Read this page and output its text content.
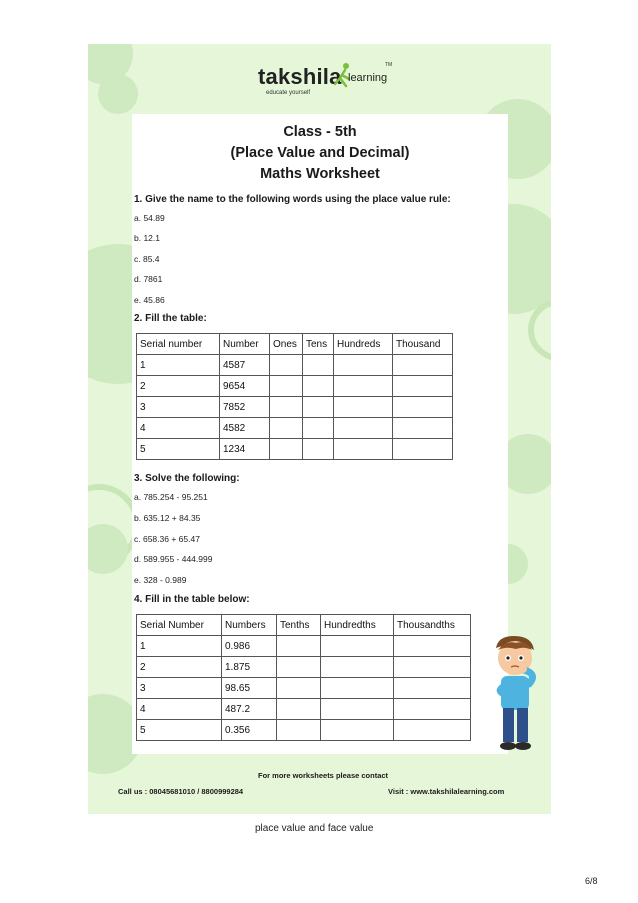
takshila learning
educate yourself
TM
Class - 5th
(Place Value and Decimal)
Maths Worksheet
1. Give the name to the following words using the place value rule:
a. 54.89
b. 12.1
c. 85.4
d. 7861
e. 45.86
2. Fill the table:
Serial number	Number	Ones	Tens	Hundreds	Thousand
1	4587				
2	9654				
3	7852				
4	4582				
5	1234				
3. Solve the following:
a. 785.254 - 95.251
b. 635.12 + 84.35
c. 658.36 + 65.47
d. 589.955 - 444.999
e. 328 - 0.989
4. Fill in the table below:
Serial Number	Numbers	Tenths	Hundredths	Thousandths
1	0.986			
2	1.875			
3	98.65			
4	487.2			
5	0.356			
For more worksheets please contact
Call us : 08045681010 / 8800999284	Visit : www.takshilalearning.com
place value and face value
6/8
